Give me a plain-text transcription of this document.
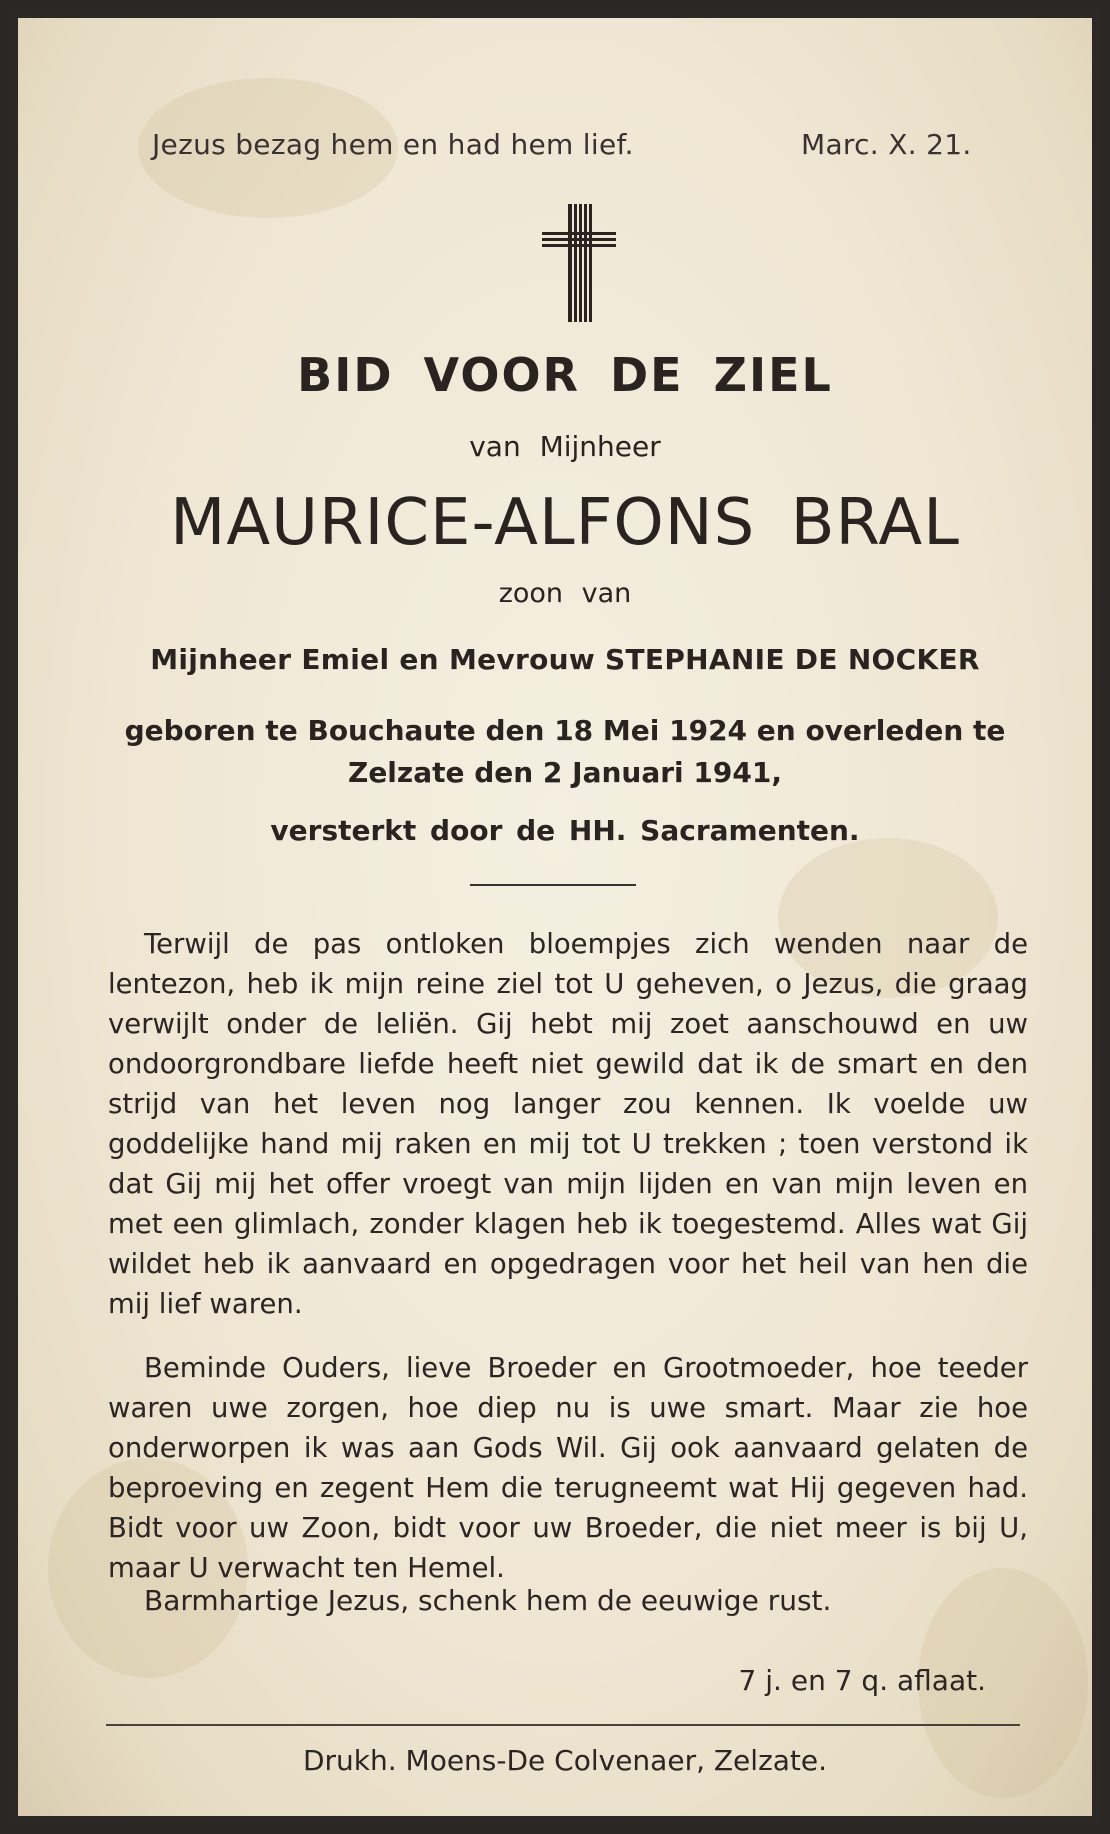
Jezus bezag hem en had hem lief.	Marc. X. 21.
BID VOOR DE ZIEL
van Mijnheer
MAURICE-ALFONS BRAL
zoon van
Mijnheer Emiel en Mevrouw STEPHANIE DE NOCKER
geboren te Bouchaute den 18 Mei 1924 en overleden te
Zelzate den 2 Januari 1941,
versterkt door de HH. Sacramenten.
Terwijl de pas ontloken bloempjes zich wenden naar de lentezon, heb ik mijn reine ziel tot U geheven, o Jezus, die graag verwijlt onder de leliën. Gij hebt mij zoet aanschouwd en uw ondoorgrondbare liefde heeft niet gewild dat ik de smart en den strijd van het leven nog langer zou kennen. Ik voelde uw goddelijke hand mij raken en mij tot U trekken ; toen verstond ik dat Gij mij het offer vroegt van mijn lijden en van mijn leven en met een glimlach, zonder klagen heb ik toegestemd. Alles wat Gij wildet heb ik aanvaard en opgedragen voor het heil van hen die mij lief waren.
Beminde Ouders, lieve Broeder en Grootmoeder, hoe teeder waren uwe zorgen, hoe diep nu is uwe smart. Maar zie hoe onderworpen ik was aan Gods Wil. Gij ook aanvaard gelaten de beproeving en zegent Hem die terugneemt wat Hij gegeven had. Bidt voor uw Zoon, bidt voor uw Broeder, die niet meer is bij U, maar U verwacht ten Hemel.
Barmhartige Jezus, schenk hem de eeuwige rust.
7 j. en 7 q. aflaat.
Drukh. Moens-De Colvenaer, Zelzate.
